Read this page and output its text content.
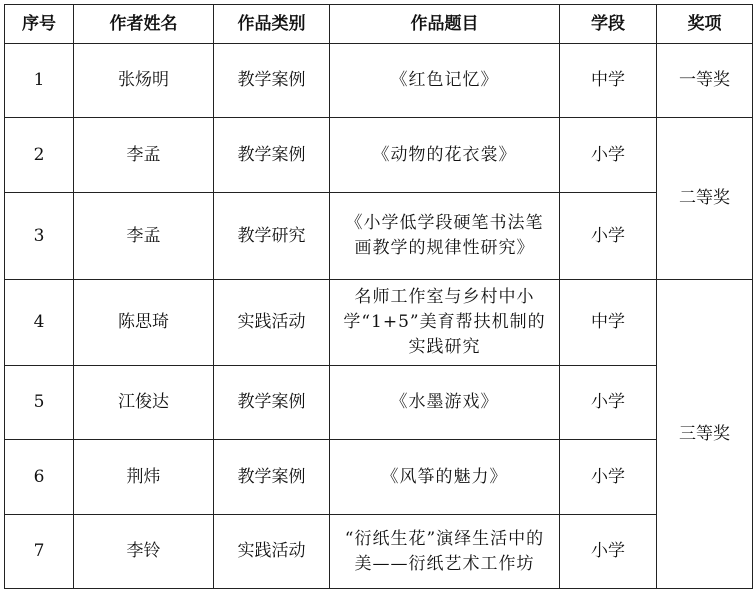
序号	作者姓名	作品类别	作品题目	学段	奖项
1	张炀明	教学案例	《红色记忆》	中学	一等奖
2	李孟	教学案例	《动物的花衣裳》	小学	二等奖
3	李孟	教学研究	《小学低学段硬笔书法笔画教学的规律性研究》	小学	
4	陈思琦	实践活动	名师工作室与乡村中小学“1+5”美育帮扶机制的实践研究	中学	三等奖
5	江俊达	教学案例	《水墨游戏》	小学	
6	荆炜	教学案例	《风筝的魅力》	小学	
7	李铃	实践活动	“衍纸生花”演绎生活中的美——衍纸艺术工作坊	小学	
